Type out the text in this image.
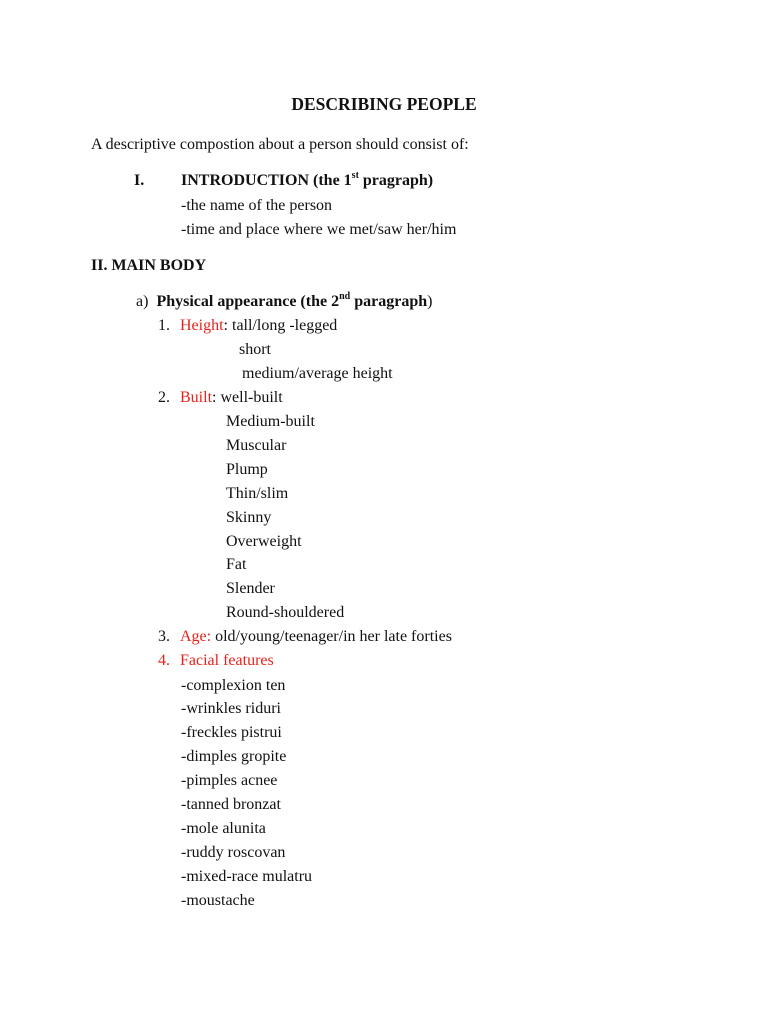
DESCRIBING PEOPLE
A descriptive compostion about a person should consist of:
I. INTRODUCTION (the 1st pragraph)
-the name of the person
-time and place where we met/saw her/him
II. MAIN BODY
a) Physical appearance (the 2nd paragraph)
1. Height: tall/long -legged
short
medium/average height
2. Built: well-built
Medium-built
Muscular
Plump
Thin/slim
Skinny
Overweight
Fat
Slender
Round-shouldered
3. Age: old/young/teenager/in her late forties
4. Facial features
-complexion ten
-wrinkles riduri
-freckles pistrui
-dimples gropite
-pimples acnee
-tanned bronzat
-mole alunita
-ruddy roscovan
-mixed-race mulatru
-moustache
